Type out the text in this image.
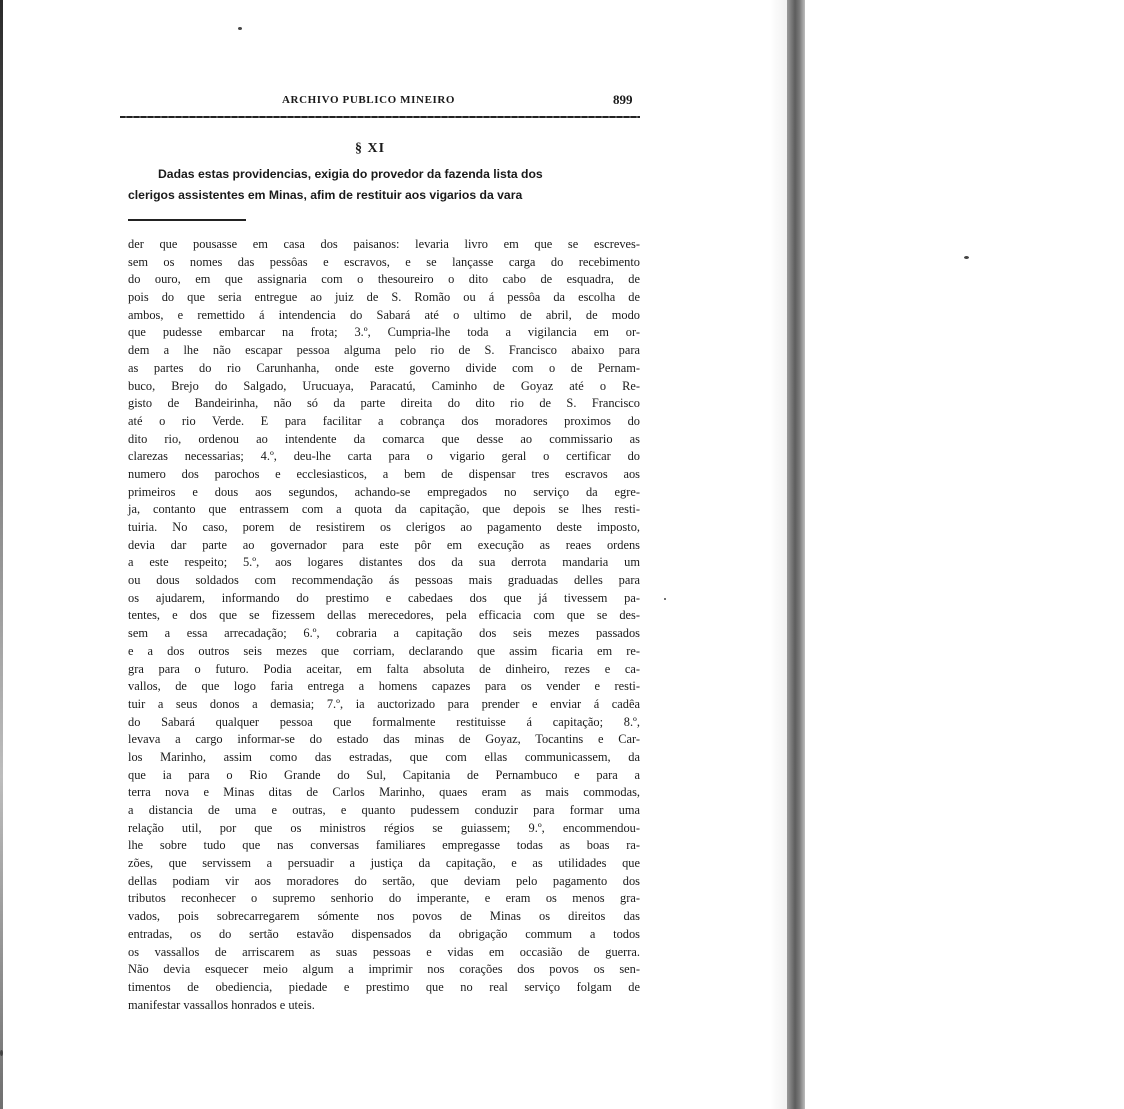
ARCHIVO PUBLICO MINEIRO	899
§ XI
Dadas estas providencias, exigia do provedor da fazenda lista dos
clerigos assistentes em Minas, afim de restituir aos vigarios da vara
der que pousasse em casa dos paisanos: levaria livro em que se escreves-
sem os nomes das pessôas e escravos, e se lançasse carga do recebimento
do ouro, em que assignaria com o thesoureiro o dito cabo de esquadra, de
pois do que seria entregue ao juiz de S. Romão ou á pessôa da escolha de
ambos, e remettido á intendencia do Sabará até o ultimo de abril, de modo
que pudesse embarcar na frota; 3.º, Cumpria-lhe toda a vigilancia em or-
dem a lhe não escapar pessoa alguma pelo rio de S. Francisco abaixo para
as partes do rio Carunhanha, onde este governo divide com o de Pernam-
buco, Brejo do Salgado, Urucuaya, Paracatú, Caminho de Goyaz até o Re-
gisto de Bandeirinha, não só da parte direita do dito rio de S. Francisco
até o rio Verde. E para facilitar a cobrança dos moradores proximos do
dito rio, ordenou ao intendente da comarca que desse ao commissario as
clarezas necessarias; 4.º, deu-lhe carta para o vigario geral o certificar do
numero dos parochos e ecclesiasticos, a bem de dispensar tres escravos aos
primeiros e dous aos segundos, achando-se empregados no serviço da egre-
ja, contanto que entrassem com a quota da capitação, que depois se lhes resti-
tuiria. No caso, porem de resistirem os clerigos ao pagamento deste imposto,
devia dar parte ao governador para este pôr em execução as reaes ordens
a este respeito; 5.º, aos logares distantes dos da sua derrota mandaria um
ou dous soldados com recommendação ás pessoas mais graduadas delles para
os ajudarem, informando do prestimo e cabedaes dos que já tivessem pa-
tentes, e dos que se fizessem dellas merecedores, pela efficacia com que se des-
sem a essa arrecadação; 6.º, cobraria a capitação dos seis mezes passados
e a dos outros seis mezes que corriam, declarando que assim ficaria em re-
gra para o futuro. Podia aceitar, em falta absoluta de dinheiro, rezes e ca-
vallos, de que logo faria entrega a homens capazes para os vender e resti-
tuir a seus donos a demasia; 7.º, ia auctorizado para prender e enviar á cadêa
do Sabará qualquer pessoa que formalmente restituisse á capitação; 8.º,
levava a cargo informar-se do estado das minas de Goyaz, Tocantins e Car-
los Marinho, assim como das estradas, que com ellas communicassem, da
que ia para o Rio Grande do Sul, Capitania de Pernambuco e para a
terra nova e Minas ditas de Carlos Marinho, quaes eram as mais commodas,
a distancia de uma e outras, e quanto pudessem conduzir para formar uma
relação util, por que os ministros régios se guiassem; 9.º, encommendou-
lhe sobre tudo que nas conversas familiares empregasse todas as boas ra-
zões, que servissem a persuadir a justiça da capitação, e as utilidades que
dellas podiam vir aos moradores do sertão, que deviam pelo pagamento dos
tributos reconhecer o supremo senhorio do imperante, e eram os menos gra-
vados, pois sobrecarregarem sómente nos povos de Minas os direitos das
entradas, os do sertão estavão dispensados da obrigação commum a todos
os vassallos de arriscarem as suas pessoas e vidas em occasião de guerra.
Não devia esquecer meio algum a imprimir nos corações dos povos os sen-
timentos de obediencia, piedade e prestimo que no real serviço folgam de
manifestar vassallos honrados e uteis.
